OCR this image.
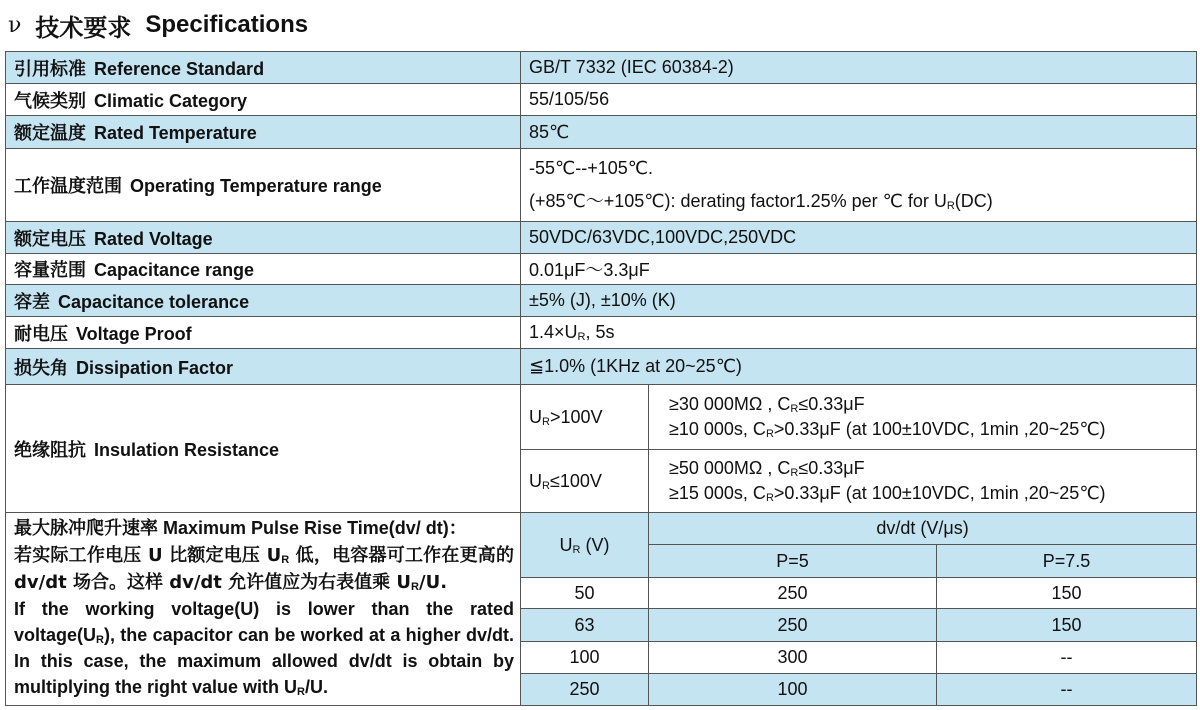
ν 技术要求 Specifications
引用标准 Reference Standard	GB/T 7332 (IEC 60384-2)		
气候类别 Climatic Category	55/105/56		
额定温度 Rated Temperature	85℃		
工作温度范围 Operating Temperature range	-55℃--+105℃.
(+85℃～+105℃): derating factor1.25% per ℃ for $U_R(DC)$		

额定电压 Rated Voltage	50VDC/63VDC,100VDC,250VDC		
容量范围 Capacitance range	0.01μF～3.3μF		
容差 Capacitance tolerance	±5% (J), ±10% (K)		
耐电压 Voltage Proof	$1.4\times U_R$, 5s		
损失角 Dissipation Factor	≦1.0% (1KHz at 20~25℃)		
绝缘阻抗 Insulation Resistance	$U_R>100V$	≥30 000MΩ , $C_R\le 0.33\mu F$
≥10 000s, $C_R>0.33\mu F$ (at 100±10VDC, 1min ,20~25℃)	

	$U_R\le 100V$	≥50 000MΩ , $C_R\le 0.33\mu F$
≥15 000s, $C_R>0.33\mu F$ (at 100±10VDC, 1min ,20~25℃)	

最大脉冲爬升速率 Maximum Pulse Rise Time(dv/ dt)：
若实际工作电压 U 比额定电压 $U_R$ 低，电容器可工作在更高的 dv/dt 场合。这样 dv/dt 允许值应为右表值乘 $U_R/U$.
If the working voltage(U) is lower than the rated $voltage(U_R)$, the capacitor can be worked at a higher dv/dt. In this case, the maximum allowed dv/dt is obtain by multiplying the right value with $U_R/U$.	$U_R$ (V)	dv/dt (V/μs)	
		P=5	P=7.5
	50	250	150
	63	250	150
	100	300	--
	250	100	--
